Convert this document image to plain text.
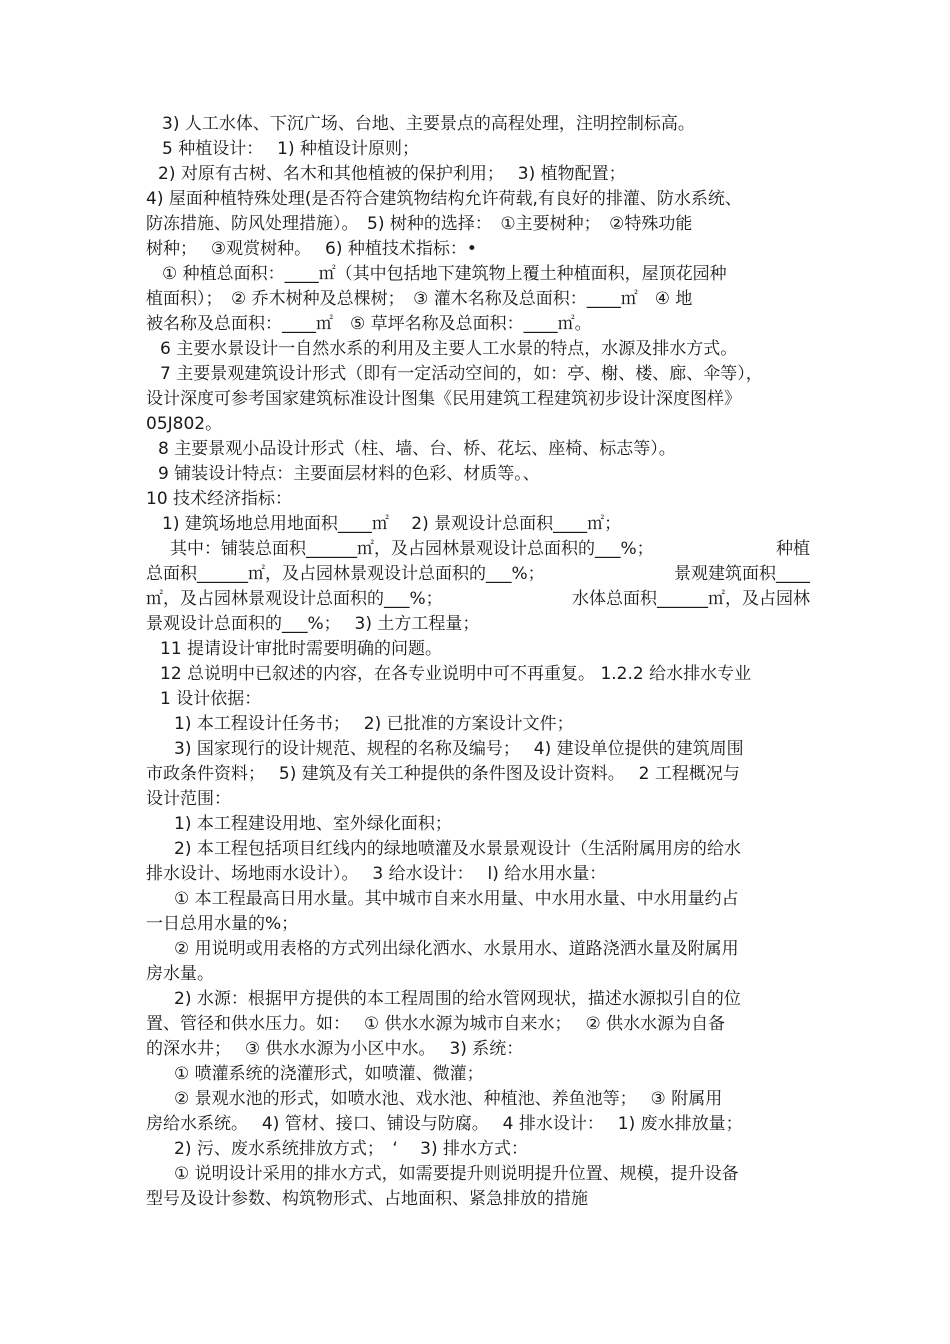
3) 人工水体、下沉广场、台地、主要景点的高程处理，注明控制标高。
5 种植设计：　 1) 种植设计原则；
2) 对原有古树、名木和其他植被的保护利用；　 3) 植物配置；
4) 屋面种植特殊处理(是否符合建筑物结构允许荷载,有良好的排灌、防水系统、
防冻措施、防风处理措施）。　5) 树种的选择：　①主要树种；　②特殊功能
树种；　 ③观赏树种。　 6) 种植技术指标：•
① 种植总面积：____㎡（其中包括地下建筑物上覆土种植面积，屋顶花园种
植面积）；　② 乔木树种及总棵树；　③ 灌木名称及总面积：____㎡　④ 地
被名称及总面积：____㎡　⑤ 草坪名称及总面积：____㎡。
6 主要水景设计一自然水系的利用及主要人工水景的特点，水源及排水方式。
7 主要景观建筑设计形式（即有一定活动空间的，如：亭、榭、楼、廊、伞等），
设计深度可参考国家建筑标准设计图集《民用建筑工程建筑初步设计深度图样》
05J802。
8 主要景观小品设计形式（柱、墙、台、桥、花坛、座椅、标志等）。
9 铺装设计特点：主要面层材料的色彩、材质等。、
10 技术经济指标：
1) 建筑场地总用地面积____㎡　 2) 景观设计总面积____㎡；
其中：铺装总面积______㎡，及占园林景观设计总面积的___%；	种植
总面积______㎡，及占园林景观设计总面积的___%；	景观建筑面积____
㎡，及占园林景观设计总面积的___%；	水体总面积______㎡，及占园林
景观设计总面积的___%；　 3) 土方工程量；
11 提请设计审批时需要明确的问题。
12 总说明中已叙述的内容，在各专业说明中可不再重复。 1.2.2 给水排水专业
1 设计依据：
1) 本工程设计任务书；　 2) 已批准的方案设计文件；
3) 国家现行的设计规范、规程的名称及编号；　 4) 建设单位提供的建筑周围
市政条件资料；　 5) 建筑及有关工种提供的条件图及设计资料。　 2 工程概况与
设计范围：
1) 本工程建设用地、室外绿化面积；
2) 本工程包括项目红线内的绿地喷灌及水景景观设计（生活附属用房的给水
排水设计、场地雨水设计）。　 3 给水设计：　 l) 给水用水量：
① 本工程最高日用水量。其中城市自来水用量、中水用水量、中水用量约占
一日总用水量的%；
② 用说明或用表格的方式列出绿化洒水、水景用水、道路浇洒水量及附属用
房水量。
2) 水源：根据甲方提供的本工程周围的给水管网现状，描述水源拟引自的位
置、管径和供水压力。如：　 ① 供水水源为城市自来水；　 ② 供水水源为自备
的深水井；　 ③ 供水水源为小区中水。　 3) 系统：
① 喷灌系统的浇灌形式，如喷灌、微灌；
② 景观水池的形式，如喷水池、戏水池、种植池、养鱼池等；　 ③ 附属用
房给水系统。　 4) 管材、接口、铺设与防腐。　 4 排水设计：　 1) 废水排放量；
2) 污、废水系统排放方式；　‘　 3) 排水方式：
① 说明设计采用的排水方式，如需要提升则说明提升位置、规模，提升设备
型号及设计参数、构筑物形式、占地面积、紧急排放的措施
